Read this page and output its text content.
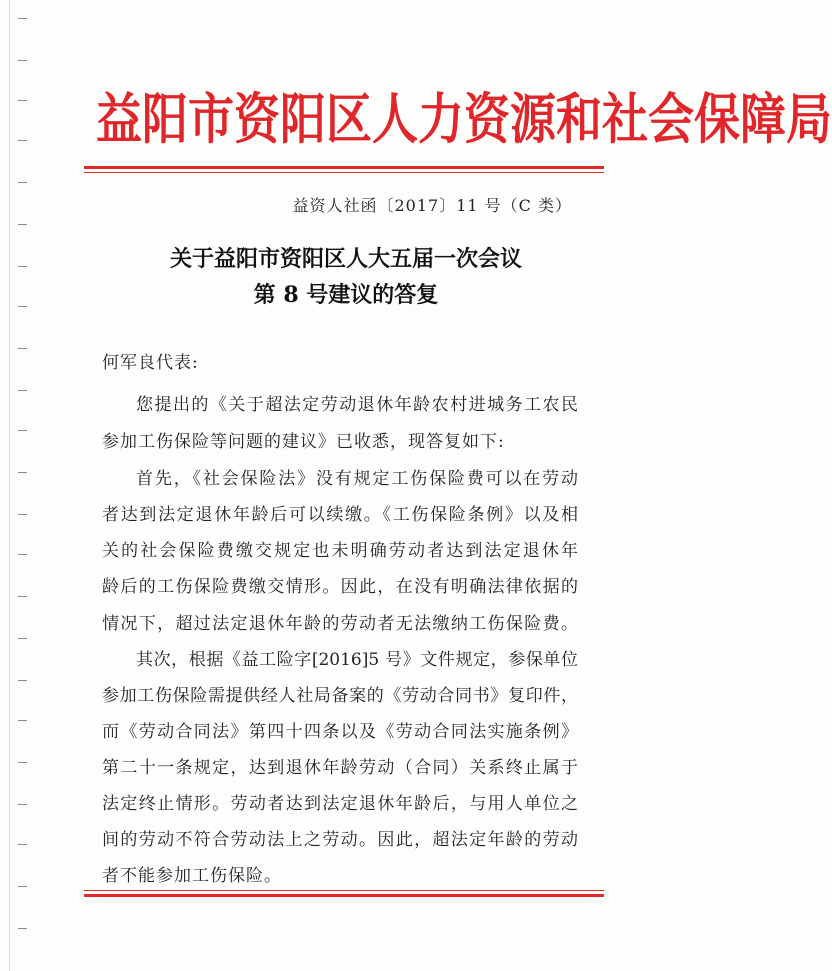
益阳市资阳区人力资源和社会保障局
益资人社函〔2017〕11 号（C 类）
关于益阳市资阳区人大五届一次会议
第 8 号建议的答复
何军良代表:
您提出的《关于超法定劳动退休年龄农村进城务工农民
参加工伤保险等问题的建议》已收悉，现答复如下:
首先，《社会保险法》没有规定工伤保险费可以在劳动
者达到法定退休年龄后可以续缴。《工伤保险条例》以及相
关的社会保险费缴交规定也未明确劳动者达到法定退休年
龄后的工伤保险费缴交情形。因此，在没有明确法律依据的
情况下，超过法定退休年龄的劳动者无法缴纳工伤保险费。
其次，根据《益工险字[2016]5 号》文件规定，参保单位
参加工伤保险需提供经人社局备案的《劳动合同书》复印件，
而《劳动合同法》第四十四条以及《劳动合同法实施条例》
第二十一条规定，达到退休年龄劳动（合同）关系终止属于
法定终止情形。劳动者达到法定退休年龄后，与用人单位之
间的劳动不符合劳动法上之劳动。因此，超法定年龄的劳动
者不能参加工伤保险。
